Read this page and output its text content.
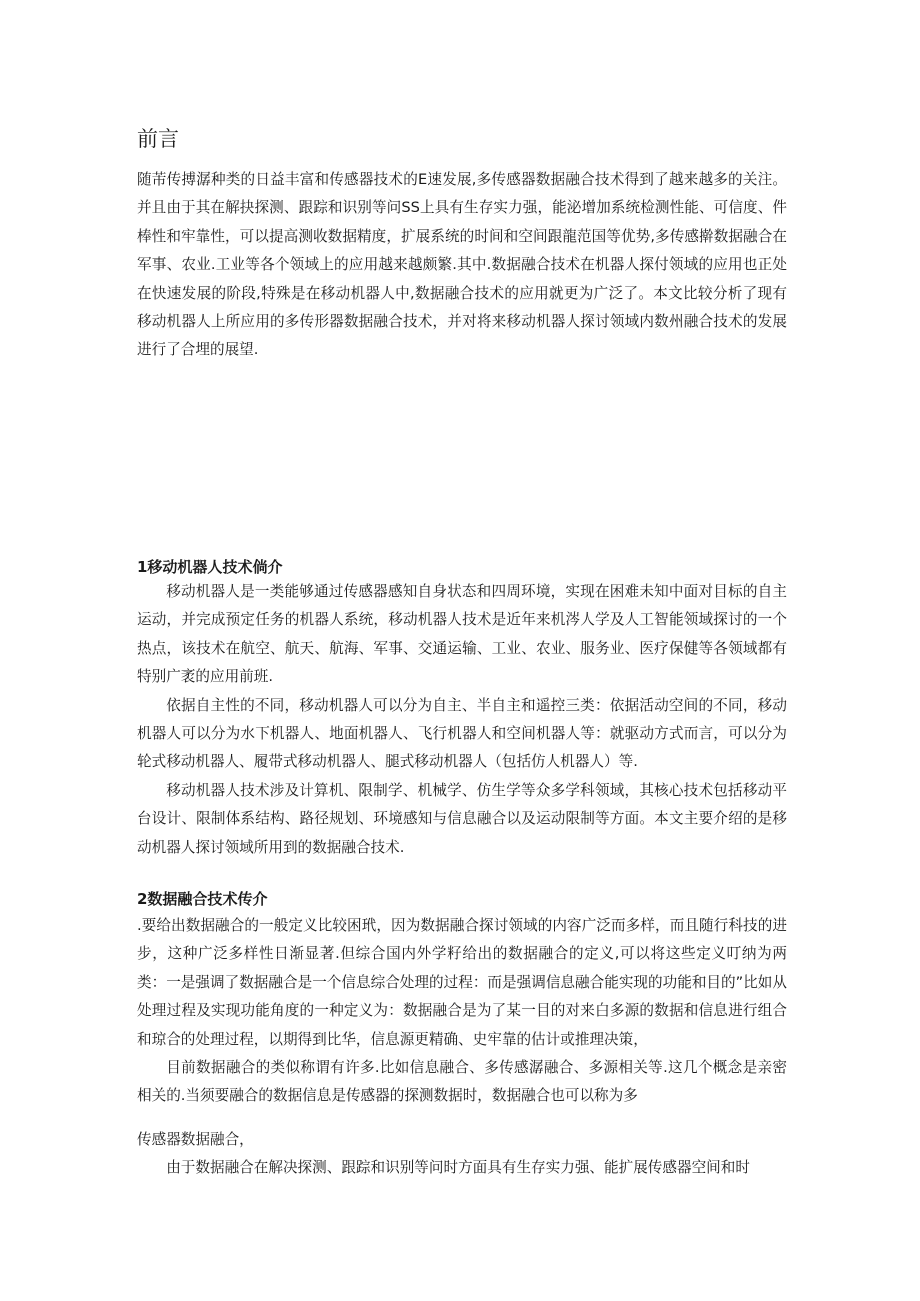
前言

随芾传搏潺种类的日益丰富和传感器技术的E速发展,多传感器数据融合技术得到了越来越多的关注。并且由于其在解抉探测、跟踪和识别等问SS上具有生存实力强，能泌增加系统检测性能、可信度、件棒性和牢靠性，可以提高测收数据精度，扩展系统的时间和空间跟龍范国等优势,多传感擀数据融合在军事、农业.工业等各个领域上的应用越来越颇繁.其中.数据融合技术在机器人探付领域的应用也正处在快速发展的阶段,特殊是在移动机器人中,数据融合技术的应用就更为广泛了。本文比较分析了现有移动机器人上所应用的多传形器数据融合技术，并对将来移动机器人探讨领域内数州融合技术的发展进行了合埋的展望.

1移动机器人技术倘介

移动机器人是一类能够通过传感器感知自身状态和四周环境，实现在困难未知中面对目标的自主运动，并完成预定任务的机器人系统，移动机器人技术是近年来机涔人学及人工智能领域探讨的一个热点，该技术在航空、航天、航海、军事、交通运输、工业、农业、服务业、医疗保健等各领域都有特别广袤的应用前班.

依据自主性的不同，移动机器人可以分为自主、半自主和遥控三类：依据活动空间的不同，移动机器人可以分为水下机器人、地面机器人、飞行机器人和空间机器人等：就驱动方式而言，可以分为轮式移动机器人、履带式移动机器人、腿式移动机器人（包括仿人机器人）等.

移动机器人技术涉及计算机、限制学、机械学、仿生学等众多学科领域，其核心技术包括移动平台设计、限制体系结构、路径规划、环境感知与信息融合以及运动限制等方面。本文主要介绍的是移动机器人探讨领域所用到的数据融合技术.

2数据融合技术传介

.要给出数据融合的一般定义比较困玳，因为数据融合探讨领域的内容广泛而多样，而且随行科技的进步，这种广泛多样性日渐显著.但综合国内外学籽给出的数据融合的定义,可以将这些定义叮纳为两类：一是强调了数据融合是一个信息综合处理的过程：而是强调信息融合能实现的功能和目的”比如从处理过程及实现功能角度的一种定义为：数据融合是为了某一目的对来白多源的数据和信息进行组合和琼合的处理过程，以期得到比华，信息源更精确、史牢靠的估计或推理决策，

目前数据融合的类似称谓有许多.比如信息融合、多传感潺融合、多源相关等.这几个概念是亲密相关的.当须要融合的数据信息是传感器的探测数据时，数据融合也可以称为多

传感器数据融合，

由于数据融合在解决探测、跟踪和识别等问时方面具有生存实力强、能扩展传感器空间和时
